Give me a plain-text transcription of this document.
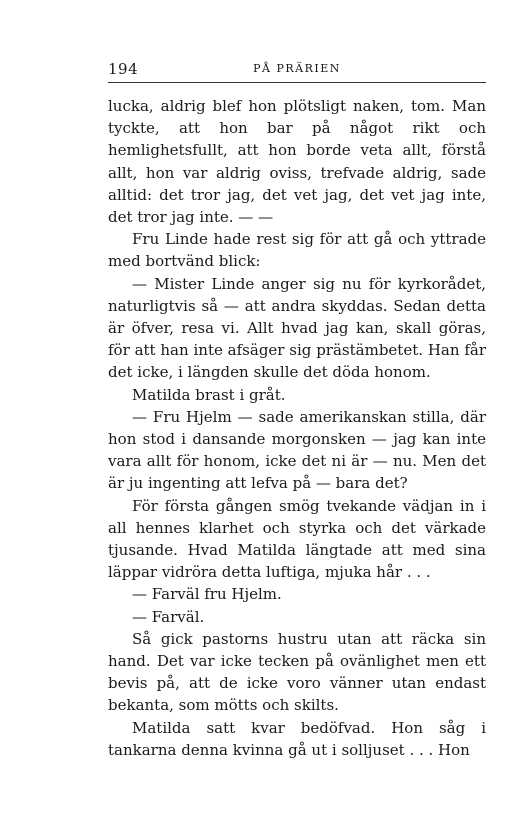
194	PÅ PRÄRIEN

lucka, aldrig blef hon plötsligt naken, tom. Man tyckte, att hon bar på något rikt och hemlighetsfullt, att hon borde veta allt, förstå allt, hon var aldrig oviss, trefvade aldrig, sade alltid: det tror jag, det vet jag, det vet jag inte, det tror jag inte. — —

Fru Linde hade rest sig för att gå och yttrade med bortvänd blick:

— Mister Linde anger sig nu för kyrkorådet, naturligtvis så — att andra skyddas. Sedan detta är öfver, resa vi. Allt hvad jag kan, skall göras, för att han inte afsäger sig prästämbetet. Han får det icke, i längden skulle det döda honom.

Matilda brast i gråt.

— Fru Hjelm — sade amerikanskan stilla, där hon stod i dansande morgonsken — jag kan inte vara allt för honom, icke det ni är — nu. Men det är ju ingenting att lefva på — bara det?

För första gången smög tvekande vädjan in i all hennes klarhet och styrka och det värkade tjusande. Hvad Matilda längtade att med sina läppar vidröra detta luftiga, mjuka hår . . .

— Farväl fru Hjelm.

— Farväl.

Så gick pastorns hustru utan att räcka sin hand. Det var icke tecken på ovänlighet men ett bevis på, att de icke voro vänner utan endast bekanta, som mötts och skilts.

Matilda satt kvar bedöfvad. Hon såg i tankarna denna kvinna gå ut i solljuset . . . Hon
